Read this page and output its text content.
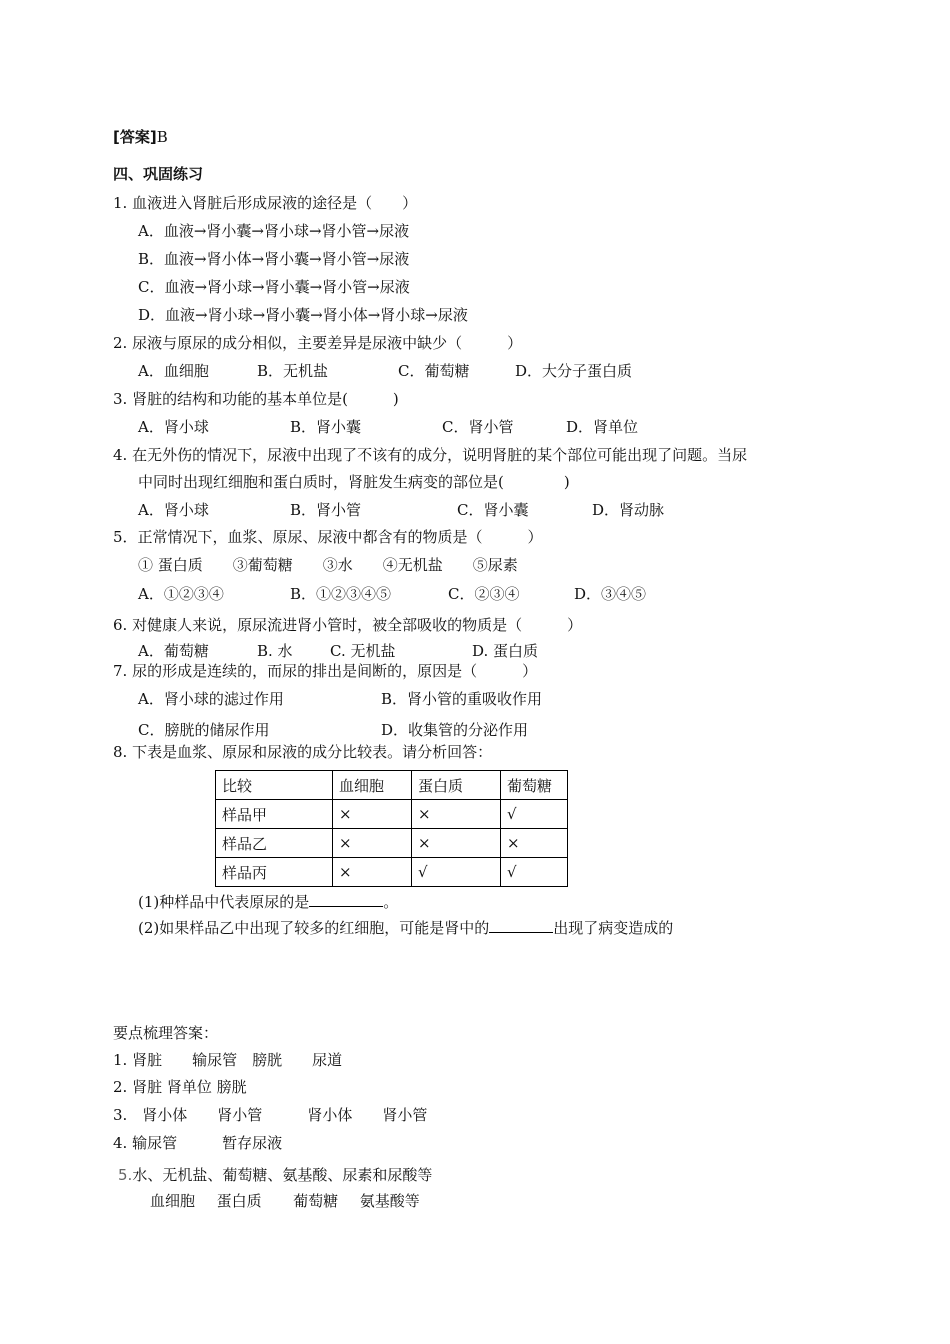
[答案]B
四、巩固练习
1. 血液进入肾脏后形成尿液的途径是（　　）
A．血液→肾小囊→肾小球→肾小管→尿液
B．血液→肾小体→肾小囊→肾小管→尿液
C．血液→肾小球→肾小囊→肾小管→尿液
D．血液→肾小球→肾小囊→肾小体→肾小球→尿液
2. 尿液与原尿的成分相似，主要差异是尿液中缺少（　　　）
A．血细胞	B．无机盐	C．葡萄糖	D．大分子蛋白质
3. 肾脏的结构和功能的基本单位是(　　　)
A．肾小球	B．肾小囊	C．肾小管	D．肾单位
4. 在无外伤的情况下，尿液中出现了不该有的成分，说明肾脏的某个部位可能出现了问题。当尿
中同时出现红细胞和蛋白质时，肾脏发生病变的部位是(　　　　)
A．肾小球	B．肾小管	C．肾小囊	D．肾动脉
5．正常情况下，血浆、原尿、尿液中都含有的物质是（　　　）
① 蛋白质　　③葡萄糖　　③水　　④无机盐　　⑤尿素
A．①②③④	B．①②③④⑤	C．②③④	D．③④⑤
6. 对健康人来说，原尿流进肾小管时，被全部吸收的物质是（　　　）
A．葡萄糖	B. 水 C. 无机盐	D. 蛋白质
7. 尿的形成是连续的，而尿的排出是间断的，原因是（　　　）
A．肾小球的滤过作用	B．肾小管的重吸收作用
C．膀胱的储尿作用	D．收集管的分泌作用
8. 下表是血浆、原尿和尿液的成分比较表。请分析回答：
比较	血细胞	蛋白质	葡萄糖
样品甲	×	×	√
样品乙	×	×	×
样品丙	×	√	√
(1)种样品中代表原尿的是	。
(2)如果样品乙中出现了较多的红细胞，可能是肾中的	出现了病变造成的
要点梳理答案：
1. 肾脏　　输尿管　膀胱　　尿道
2. 肾脏 肾单位 膀胱
3.　肾小体　　肾小管　　　肾小体　　肾小管
4. 输尿管　　　暂存尿液
5.水、无机盐、葡萄糖、氨基酸、尿素和尿酸等
血细胞 蛋白质 葡萄糖 氨基酸等
